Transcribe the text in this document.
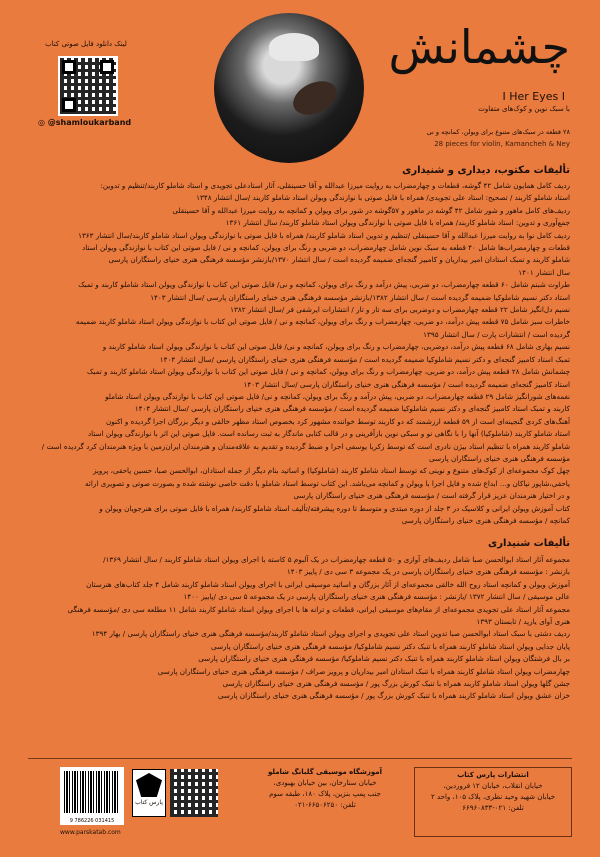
لینک دانلود فایل صوتی کتاب
◎ @shamloukarband
چشمانش
I Her Eyes I
با سبک نوین و کوک‌های متفاوت
۲۸ قطعه در سبک‌های متنوع برای ویولن، کمانچه و نی
28 pieces for violin, Kamancheh & Ney
تألیفات مکتوب، دیداری و شنیداری
ردیف کامل همایون شامل ۴۲ گوشه، قطعات و چهارمضراب به روایت میرزا عبدالله و آقا حسینقلی، آثار استادعلی تجویدی و استاد شاملو کاربند/تنظیم و تدوین:
استاد شاملو کاربند / تصحیح: استاد علی تجویدی/ همراه با فایل صوتی با نوازندگی ویولن استاد شاملو کاربند /سال انتشار ۱۳۴۸
ردیف‌های کامل ماهور و شور شامل ۴۲ گوشه در ماهور و ۵۷گوشه در شور برای ویولن و کمانچه به روایت میرزا عبدالله و آقا حسینقلی
جمع‌آوری و تدوین: استاد شاملو کاربند/ همراه با فایل صوتی با نوازندگی ویولن استاد شاملو کاربند/ سال انتشار ۱۳۶۱
ردیف کامل نوا به روایت میرزا عبدالله و آقا حسینقلی /تنظیم و تدوین استاد شاملو کاربند/ همراه با فایل صوتی با نوازندگی ویولن استاد شاملو کاربند/سال انتشار ۱۳۶۳
قطعات و چهارمضراب‌ها شامل ۴۰ قطعه به سبک نوین شامل چهارمضراب، دو ضربی و رنگ برای ویولن، کمانچه و نی / فایل صوتی این کتاب با نوازندگی ویولن استاد
شاملو کاربند و تمبک استادان امیر بیداریان و کامبیز گنجه‌ای ضمیمه گردیده است / سال انتشار ۱۳۷۰/بازنشر مؤسسه فرهنگی هنری خنیای راستگاران پارسی
سال انتشار ۱۴۰۱
طراوت شبنم شامل ۶۰ قطعه چهارمضراب، دو ضربی، پیش درآمد و رنگ برای ویولن، کمانچه و نی/ فایل صوتی این کتاب با نوازندگی ویولن استاد شاملو کاربند و تمبک
استاد دکتر نسیم شاملوکیا ضمیمه گردیده است / سال انتشار ۱۳۸۲/بازنشر مؤسسه فرهنگی هنری خنیای راستگاران پارسی /سال انتشار ۱۴۰۳
نسیم دل‌انگیز شامل ۲۲ قطعه چهارمضراب و دوضربی برای سه تار و تار / انتشارات ایرشفی فر /سال انتشار ۱۳۸۲
خاطرات سبز شامل ۷۵ قطعه پیش درآمد، دو ضربی، چهارمضراب و رنگ برای ویولن، کمانچه و نی / فایل صوتی این کتاب با نوازندگی ویولن استاد شاملو کاربند ضمیمه
گردیده است / انتشارات پارت / سال انتشار ۱۳۹۵
نسیم بهاری شامل ۶۸ قطعه پیش درآمد، دوضربی، چهارمضراب و رنگ برای ویولن، کمانچه و نی/ فایل صوتی این کتاب با نوازندگی ویولن استاد شاملو کاربند و
تمبک استاد کامبیز گنجه‌ای و دکتر نسیم شاملوکیا ضمیمه گردیده است / مؤسسه فرهنگی هنری خنیای راستگاران پارسی /سال انتشار ۱۴۰۴
چشمانش شامل ۲۸ قطعه پیش درآمد، دو ضربی، چهارمضراب و رنگ برای ویولن، کمانچه و نی / فایل صوتی این کتاب با نوازندگی ویولن استاد شاملو کاربند و تمبک
استاد کامبیز گنجه‌ای ضمیمه گردیده است / مؤسسه فرهنگی هنری خنیای راستگاران پارسی /سال انتشار ۱۴۰۳
نغمه‌های شورانگیز شامل ۲۹ قطعه چهارمضراب، دو ضربی، پیش درآمد و رنگ برای ویولن، کمانچه و نی/ فایل صوتی این کتاب با نوازندگی ویولن استاد شاملو
کاربند و تمبک استاد کامبیز گنجه‌ای و دکتر نسیم شاملوکیا ضمیمه گردیده است / مؤسسه فرهنگی هنری خنیای راستگاران پارسی /سال انتشار ۱۴۰۴
آهنگ‌های کردی گنجینه‌ای است از ۵۹ قطعه ارزشمند که دو کاربند توسط خواننده مشهور کرد بخصوص استاد مظهر خالقی و دیگر بزرگان اجرا گردیده و اکنون
استاد شاملو کاربند (شاملوکیا) آنها را با نگاهی نو و سبکی نوین بازآفرینی و در قالب کتابی ماندگار به ثبت رسانده است. فایل صوتی این اثر با نوازندگی ویولن استاد
شاملو کاربند همراه با تنظیم استاد بیژن نادری است که توسط زکریا یوسفی اجرا و ضبط گردیده و تقدیم به علاقه‌مندان و هنرمندان ایران‌زمین با ویژه هنرمندان کرد گردیده است /
مؤسسه فرهنگی هنری خنیای راستگاران پارسی
چهل کوک مجموعه‌ای از کوک‌های متنوع و نوینی که توسط استاد شاملو کاربند (شاملوکیا) و اساتید بنام دیگر از جمله استادان، ابوالحسن صبا، حسین یاحقی، پرویز
یاحقی،شاپور نیاکان و... ابداع شده و فایل اجرا با ویولن و کمانچه می‌باشد. این کتاب توسط استاد شاملو با دقت خاصی نوشته شده و بصورت صوتی و تصویری ارائه
و در اختیار هنرمندان عزیز قرار گرفته است / مؤسسه فرهنگی هنری خنیای راستگاران پارسی
کتاب آموزش ویولن ایرانی و کلاسیک در ۳ جلد از دوره مبتدی و متوسط تا دوره پیشرفته/تألیف استاد شاملو کاربند/ همراه با فایل صوتی برای هنرجویان ویولن و
کمانچه / مؤسسه فرهنگی هنری خنیای راستگاران پارسی
تألیفات شنیداری
مجموعه آثار استاد ابوالحسن صبا شامل ردیف‌های آوازی و ۵۰ قطعه چهارمضراب در یک آلبوم ۵ کاسته با اجرای ویولن استاد شاملو کاربند / سال انتشار ۱۳۶۹/
بازنشر : مؤسسه فرهنگی هنری خنیای راستگاران پارسی در یک مجموعه ۳ سی دی / پاییز ۱۴۰۳
آموزش ویولن و کمانچه استاد روح الله خالقی مجموعه‌ای از آثار بزرگان و اساتید موسیقی ایرانی با اجرای ویولن استاد شاملو کاربند شامل ۴ جلد کتاب‌های هنرستان
عالی موسیقی / سال انتشار ۱۳۷۲ /بازنشر : مؤسسه فرهنگی هنری خنیای راستگاران پارسی در یک مجموعه ۵ سی دی /پاییز ۱۴۰۰
مجموعه آثار استاد علی تجویدی مجموعه‌ای از مقام‌های موسیقی ایرانی، قطعات و ترانه ها با اجرای ویولن استاد شاملو کاربند شامل ۱۱ مطلعه سی دی /مؤسسه فرهنگی
هنری آوای یارید / تابستان ۱۳۹۳
ردیف دشتی با سبک استاد ابوالحسن صبا تدوین استاد علی تجویدی و اجرای ویولن استاد شاملو کاربند/مؤسسه فرهنگی هنری خنیای راستگاران پارسی / بهار ۱۳۹۴
پایان جدایی ویولن استاد شاملو کاربند همراه با تنبک دکتر نسیم شاملوکیا/ مؤسسه فرهنگی هنری خنیای راستگاران پارسی
بر بال فرشتگان ویولن استاد شاملو کاربند همراه با تنبک دکتر نسیم شاملوکیا/ مؤسسه فرهنگی هنری خنیای راستگاران پارسی
چهارمضراب ویولن استاد شاملو کاربند همراه با تنبک استادان امیر بیداریان و پرویز صراف / مؤسسه فرهنگی هنری خنیای راستگاران پارسی
جشن گلها ویولن استاد شاملو کاربند همراه با تنبک کورش بزرگ پور / مؤسسه فرهنگی هنری خنیای راستگاران پارسی
خزان عشق ویولن استاد شاملو کاربند همراه با تنبک کورش بزرگ پور / مؤسسه فرهنگی هنری خنیای راستگاران پارسی
انتشارات پارس کتاب
خیابان انقلاب، خیابان ۱۲ فروردین،
خیابان شهید وحید نظری، پلاک ۱۰۵، واحد ۲
تلفن: ۰۲۱-۶۶۹۶۰۸۳۳
آموزشگاه موسیقی گلبانگ شاملو
خیابان ستارخان، بین خیابان بهبودی،
جنب پمپ بنزین، پلاک ۱۸۰، طبقه سوم
تلفن: ۶۶۵۰۶۲۵۰-۰۲۱
پارس کتاب
9 786226 031415
www.parskatab.com
